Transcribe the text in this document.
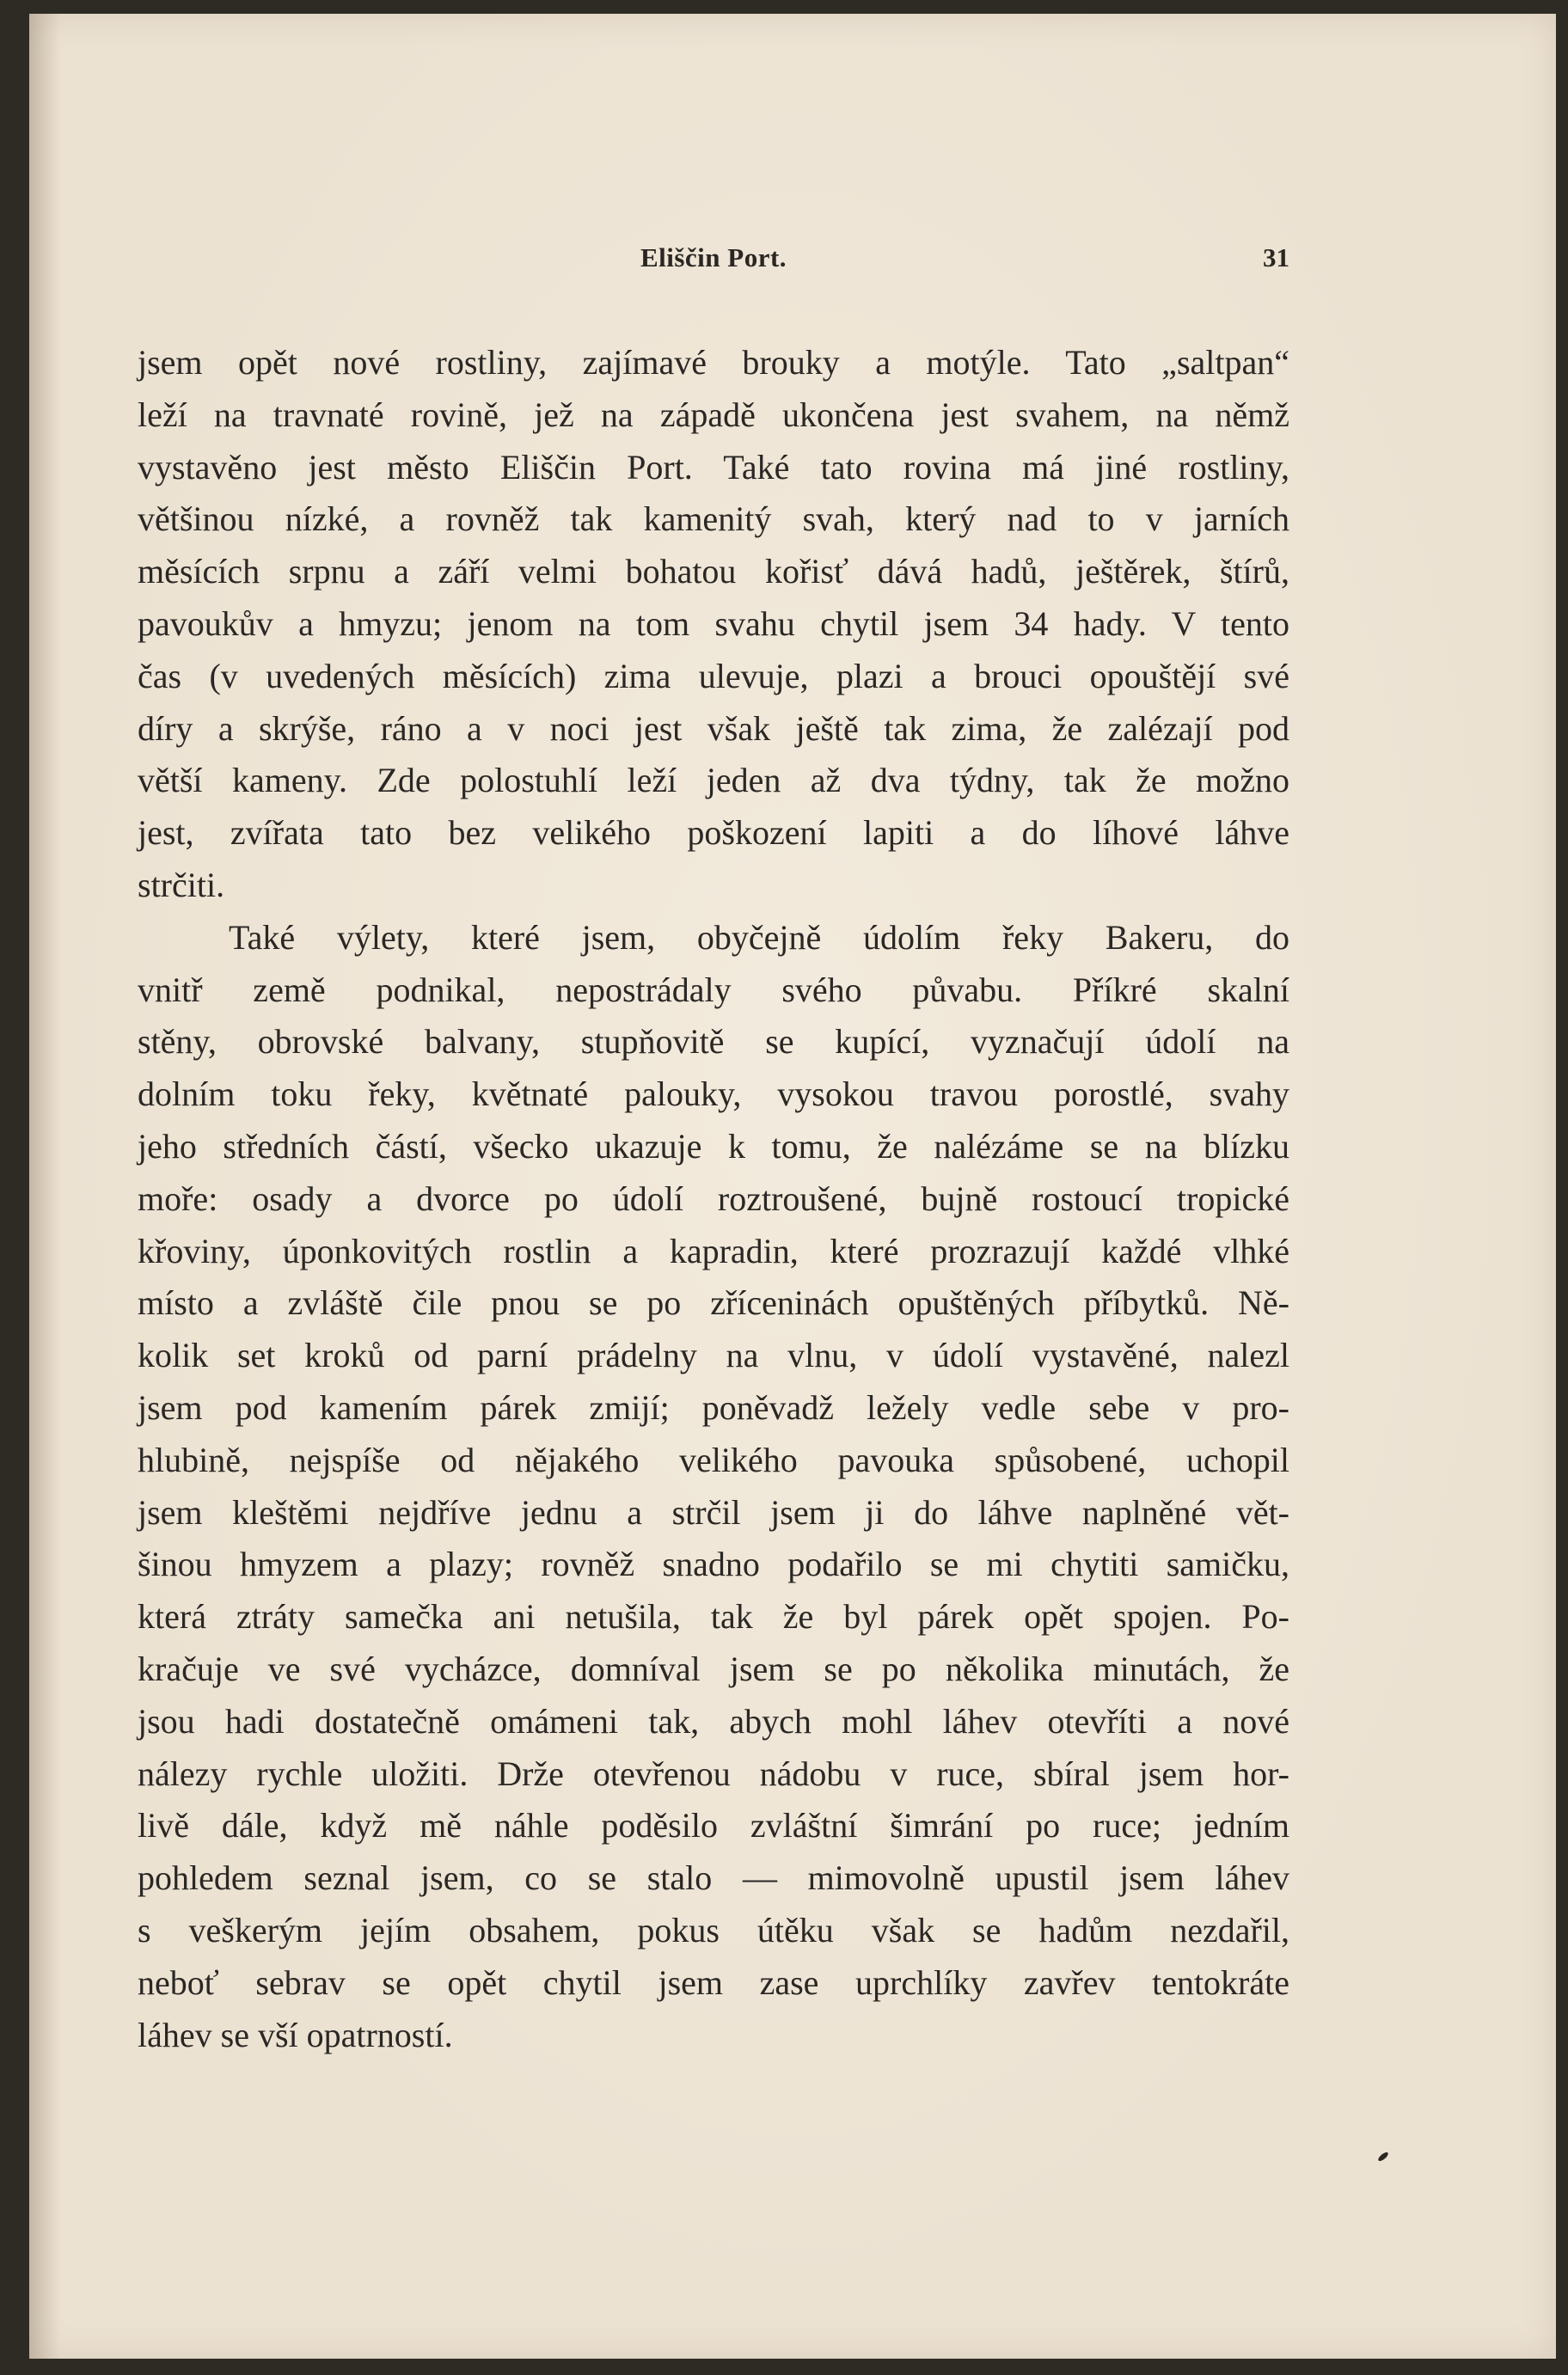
Eliščin Port.	31
jsem opět nové rostliny, zajímavé brouky a motýle. Tato „saltpan“
leží na travnaté rovině, jež na západě ukončena jest svahem, na němž
vystavěno jest město Eliščin Port. Také tato rovina má jiné rostliny,
většinou nízké, a rovněž tak kamenitý svah, který nad to v jarních
měsících srpnu a září velmi bohatou kořisť dává hadů, ještěrek, štírů,
pavoukův a hmyzu; jenom na tom svahu chytil jsem 34 hady. V tento
čas (v uvedených měsících) zima ulevuje, plazi a brouci opouštějí své
díry a skrýše, ráno a v noci jest však ještě tak zima, že zalézají pod
větší kameny. Zde polostuhlí leží jeden až dva týdny, tak že možno
jest, zvířata tato bez velikého poškození lapiti a do líhové láhve
strčiti.
Také výlety, které jsem, obyčejně údolím řeky Bakeru, do
vnitř země podnikal, nepostrádaly svého půvabu. Příkré skalní
stěny, obrovské balvany, stupňovitě se kupící, vyznačují údolí na
dolním toku řeky, květnaté palouky, vysokou travou porostlé, svahy
jeho středních částí, všecko ukazuje k tomu, že nalézáme se na blízku
moře: osady a dvorce po údolí roztroušené, bujně rostoucí tropické
křoviny, úponkovitých rostlin a kapradin, které prozrazují každé vlhké
místo a zvláště čile pnou se po zříceninách opuštěných příbytků. Ně-
kolik set kroků od parní prádelny na vlnu, v údolí vystavěné, nalezl
jsem pod kamením párek zmijí; poněvadž ležely vedle sebe v pro-
hlubině, nejspíše od nějakého velikého pavouka spůsobené, uchopil
jsem kleštěmi nejdříve jednu a strčil jsem ji do láhve naplněné vět-
šinou hmyzem a plazy; rovněž snadno podařilo se mi chytiti samičku,
která ztráty samečka ani netušila, tak že byl párek opět spojen. Po-
kračuje ve své vycházce, domníval jsem se po několika minutách, že
jsou hadi dostatečně omámeni tak, abych mohl láhev otevříti a nové
nálezy rychle uložiti. Drže otevřenou nádobu v ruce, sbíral jsem hor-
livě dále, když mě náhle poděsilo zvláštní šimrání po ruce; jedním
pohledem seznal jsem, co se stalo — mimovolně upustil jsem láhev
s veškerým jejím obsahem, pokus útěku však se hadům nezdařil,
neboť sebrav se opět chytil jsem zase uprchlíky zavřev tentokráte
láhev se vší opatrností.
